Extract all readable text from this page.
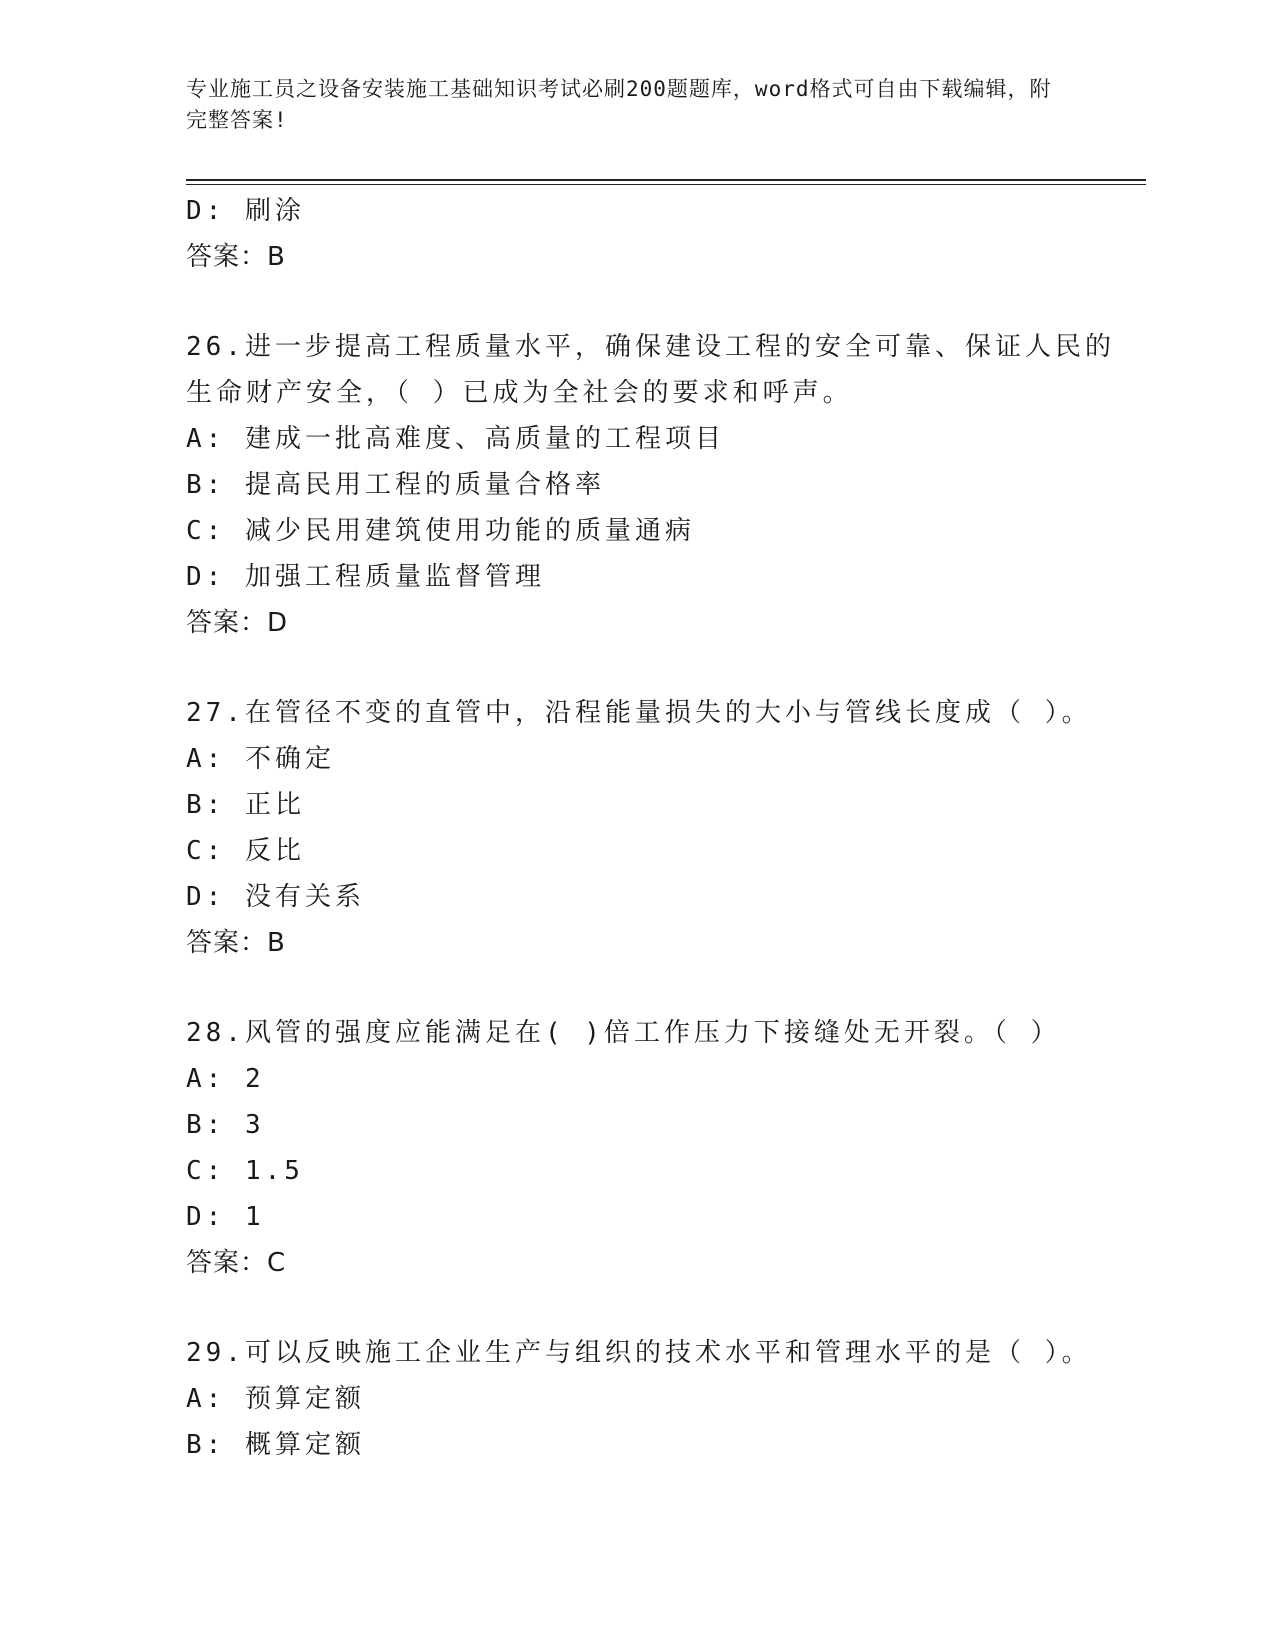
专业施工员之设备安装施工基础知识考试必刷200题题库，word格式可自由下载编辑，附完整答案!
D: 刷涂
答案：B
26.进一步提高工程质量水平，确保建设工程的安全可靠、保证人民的
生命财产安全，（ ）已成为全社会的要求和呼声。
A: 建成一批高难度、高质量的工程项目
B: 提高民用工程的质量合格率
C: 减少民用建筑使用功能的质量通病
D: 加强工程质量监督管理
答案：D
27.在管径不变的直管中，沿程能量损失的大小与管线长度成（ ）。
A: 不确定
B: 正比
C: 反比
D: 没有关系
答案：B
28.风管的强度应能满足在( )倍工作压力下接缝处无开裂。（ ）
A: 2
B: 3
C: 1.5
D: 1
答案：C
29.可以反映施工企业生产与组织的技术水平和管理水平的是（ ）。
A: 预算定额
B: 概算定额
